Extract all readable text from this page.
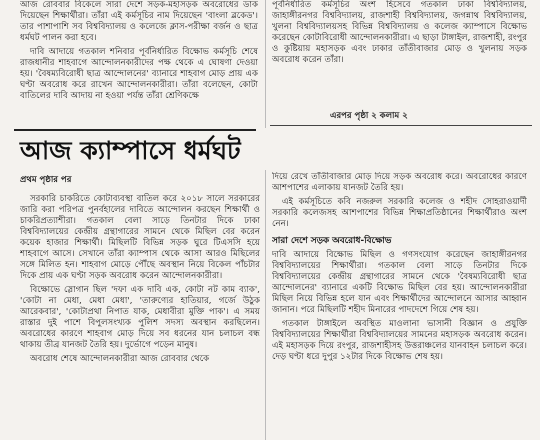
আজ রোববার বিকেলে সারা দেশে সড়ক-মহাসড়ক অবরোধের ডাক দিয়েছেন শিক্ষার্থীরা। তাঁরা এই কর্মসূচির নাম দিয়েছেন 'বাংলা ব্লকেড'। তার পাশাপাশি সব বিশ্ববিদ্যালয় ও কলেজে ক্লাস-পরীক্ষা বর্জন ও ছাত্র ধর্মঘট পালন করা হবে।

দাবি আদায়ে গতকাল শনিবার পূর্বনির্ধারিত বিক্ষোভ কর্মসূচি শেষে রাজধানীর শাহবাগে আন্দোলনকারীদের পক্ষ থেকে এ ঘোষণা দেওয়া হয়। 'বৈষম্যবিরোধী ছাত্র আন্দোলনের' ব্যানারে শাহবাগ মোড় প্রায় এক ঘণ্টা অবরোধ করে রাখেন আন্দোলনকারীরা। তাঁরা বলেছেন, কোটা বাতিলের দাবি আদায় না হওয়া পর্যন্ত তাঁরা শ্রেণিকক্ষে

পূর্বনির্ধারিত কর্মসূচির অংশ হিসেবে গতকাল ঢাকা বিশ্ববিদ্যালয়, জাহাঙ্গীরনগর বিশ্ববিদ্যালয়, রাজশাহী বিশ্ববিদ্যালয়, জগন্নাথ বিশ্ববিদ্যালয়, খুলনা বিশ্ববিদ্যালয়সহ বিভিন্ন বিশ্ববিদ্যালয় ও কলেজ ক্যাম্পাসে বিক্ষোভ করেছেন কোটাবিরোধী আন্দোলনকারীরা। এ ছাড়া টাঙ্গাইল, রাজশাহী, রংপুর ও কুষ্টিয়ায় মহাসড়ক এবং ঢাকার তাঁতীবাজার মোড় ও খুলনায় সড়ক অবরোধ করেন তাঁরা।

এরপর পৃষ্ঠা ২ কলাম ২
আজ ক্যাম্পাসে ধর্মঘট
প্রথম পৃষ্ঠার পর

সরকারি চাকরিতে কোটাব্যবস্থা বাতিল করে ২০১৮ সালে সরকারের জারি করা পরিপত্র পুনর্বহালের দাবিতে আন্দোলন করছেন শিক্ষার্থী ও চাকরিপ্রত্যাশীরা। গতকাল বেলা সাড়ে তিনটার দিকে ঢাকা বিশ্ববিদ্যালয়ের কেন্দ্রীয় গ্রন্থাগারের সামনে থেকে মিছিল বের করেন কয়েক হাজার শিক্ষার্থী। মিছিলটি বিভিন্ন সড়ক ঘুরে টিএসসি হয়ে শাহবাগে আসে। সেখানে তাঁরা ক্যাম্পাস থেকে আসা আরও মিছিলের সঙ্গে মিলিত হন। শাহবাগ মোড়ে পৌঁছে অবস্থান নিয়ে বিকেল পাঁচটার দিকে প্রায় এক ঘণ্টা সড়ক অবরোধ করেন আন্দোলনকারীরা।

বিক্ষোভে স্লোগান ছিল 'দফা এক দাবি এক, কোটা নট কাম ব্যাক', 'কোটা না মেধা, মেধা মেধা', 'তারুণ্যের হাতিয়ার, গর্জে উঠুক আরেকবার', 'কোটাপ্রথা নিপাত যাক, মেধাবীরা মুক্তি পাক'। এ সময় রাস্তার দুই পাশে বিপুলসংখ্যক পুলিশ সদস্য অবস্থান করছিলেন। অবরোধের কারণে শাহবাগ মোড় দিয়ে সব ধরনের যান চলাচল বন্ধ থাকায় তীব্র যানজট তৈরি হয়। দুর্ভোগে পড়েন মানুষ।

অবরোধ শেষে আন্দোলনকারীরা আজ রোববার থেকে

দিয়ে রেখে তাঁতীবাজার মোড় দিয়ে সড়ক অবরোধ করে। অবরোধের কারণে আশপাশের এলাকায় যানজট তৈরি হয়।

এই কর্মসূচিতে কবি নজরুল সরকারি কলেজ ও শহীদ সোহরাওয়ার্দী সরকারি কলেজসহ আশপাশের বিভিন্ন শিক্ষাপ্রতিষ্ঠানের শিক্ষার্থীরাও অংশ নেন।

সারা দেশে সড়ক অবরোধ-বিক্ষোভ

দাবি আদায়ে বিক্ষোভ মিছিল ও গণসংযোগ করেছেন জাহাঙ্গীরনগর বিশ্ববিদ্যালয়ের শিক্ষার্থীরা। গতকাল বেলা সাড়ে তিনটার দিকে বিশ্ববিদ্যালয়ের কেন্দ্রীয় গ্রন্থাগারের সামনে থেকে 'বৈষম্যবিরোধী ছাত্র আন্দোলনের' ব্যানারে একটি বিক্ষোভ মিছিল বের হয়। আন্দোলনকারীরা মিছিল নিয়ে বিভিন্ন হলে যান এবং শিক্ষার্থীদের আন্দোলনে আসার আহ্বান জানান। পরে মিছিলটি শহীদ মিনারের পাদদেশে গিয়ে শেষ হয়।

গতকাল টাঙ্গাইলে অবস্থিত মাওলানা ভাসানী বিজ্ঞান ও প্রযুক্তি বিশ্ববিদ্যালয়ের শিক্ষার্থীরা বিশ্ববিদ্যালয়ের সামনের মহাসড়ক অবরোধ করেন। এই মহাসড়ক দিয়ে রংপুর, রাজশাহীসহ উত্তরাঞ্চলের যানবাহন চলাচল করে। দেড় ঘণ্টা ধরে দুপুর ১২টার দিকে বিক্ষোভ শেষ হয়।
